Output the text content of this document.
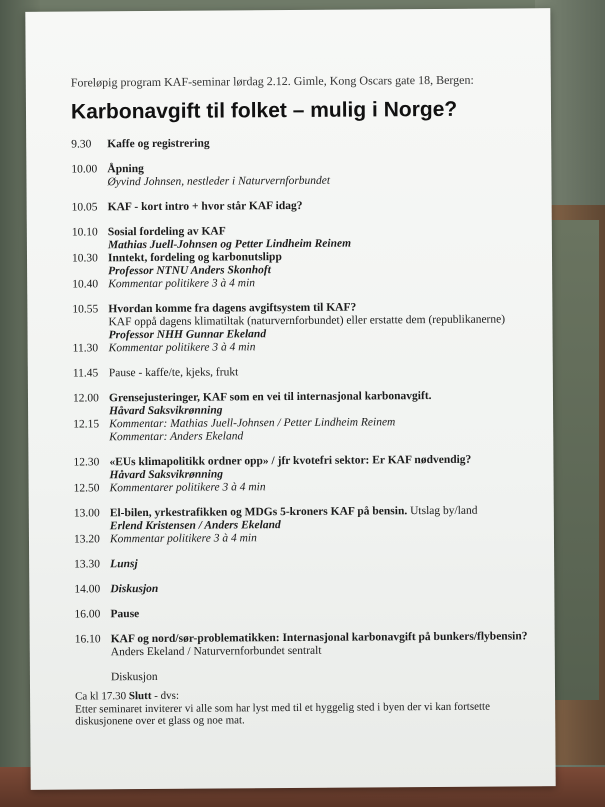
Foreløpig program KAF-seminar lørdag 2.12. Gimle, Kong Oscars gate 18, Bergen:
Karbonavgift til folket – mulig i Norge?
9.30	Kaffe og registrering
10.00 Åpning
Øyvind Johnsen, nestleder i Naturvernforbundet
10.05 KAF - kort intro + hvor står KAF idag?
10.10 Sosial fordeling av KAF
Mathias Juell-Johnsen og Petter Lindheim Reinem
10.30 Inntekt, fordeling og karbonutslipp
Professor NTNU Anders Skonhoft
10.40 Kommentar politikere 3 à 4 min
10.55 Hvordan komme fra dagens avgiftsystem til KAF?
KAF oppå dagens klimatiltak (naturvernforbundet) eller erstatte dem (republikanerne)
Professor NHH Gunnar Ekeland
11.30 Kommentar politikere 3 à 4 min
11.45 Pause - kaffe/te, kjeks, frukt
12.00 Grensejusteringer, KAF som en vei til internasjonal karbonavgift.
Håvard Saksvikrønning
12.15 Kommentar: Mathias Juell-Johnsen / Petter Lindheim Reinem
Kommentar: Anders Ekeland
12.30 «EUs klimapolitikk ordner opp» / jfr kvotefri sektor: Er KAF nødvendig?
Håvard Saksvikrønning
12.50 Kommentarer politikere 3 à 4 min
13.00 El-bilen, yrkestrafikken og MDGs 5-kroners KAF på bensin. Utslag by/land
Erlend Kristensen / Anders Ekeland
13.20 Kommentar politikere 3 à 4 min
13.30 Lunsj
14.00 Diskusjon
16.00 Pause
16.10 KAF og nord/sør-problematikken: Internasjonal karbonavgift på bunkers/flybensin?
Anders Ekeland / Naturvernforbundet sentralt
Diskusjon
Ca kl 17.30 Slutt - dvs:
Etter seminaret inviterer vi alle som har lyst med til et hyggelig sted i byen der vi kan fortsette
diskusjonene over et glass og noe mat.
